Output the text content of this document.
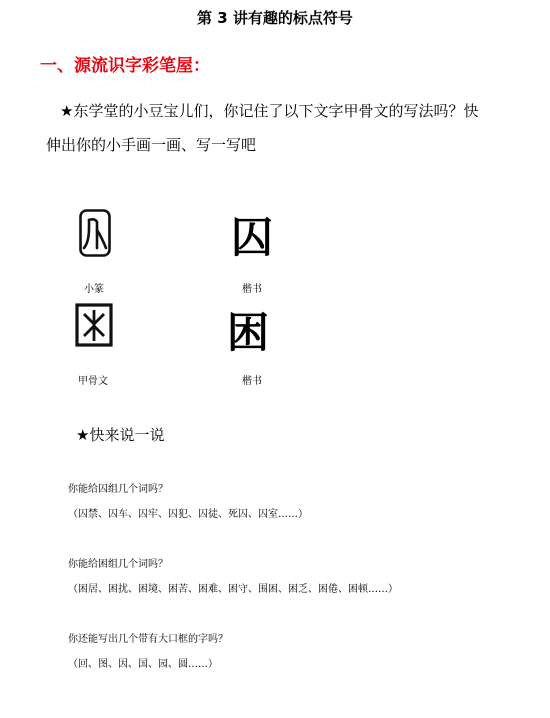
第 3 讲有趣的标点符号
一、源流识字彩笔屋：
★东学堂的小豆宝儿们，你记住了以下文字甲骨文的写法吗？快
伸出你的小手画一画、写一写吧
小篆
囚
楷书
甲骨文
困
楷书
★快来说一说
你能给囚组几个词吗？
（囚禁、囚车、囚牢、囚犯、囚徒、死囚、囚室……）
你能给困组几个词吗？
（困居、困扰、困境、困苦、困难、困守、围困、困乏、困倦、困顿……）
你还能写出几个带有大口框的字吗？
（回、图、因、国、园、圆……）
